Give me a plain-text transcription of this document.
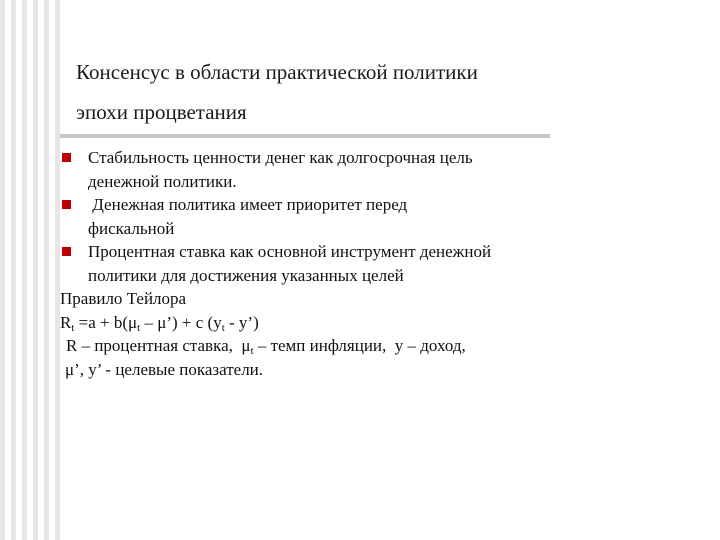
Консенсус в области практической политики
эпохи процветания
Стабильность ценности денег как долгосрочная цель
денежной политики.
Денежная политика имеет приоритет перед
фискальной
Процентная ставка как основной инструмент денежной
политики для достижения указанных целей
Правило Тейлора
$R_t =a + b(\mu_t$ – μ’) + c ($y_t$ - y’)
R – процентная ставка,  $\mu_t$ – темп инфляции,  y – доход,
μ’, y’ - целевые показатели.
